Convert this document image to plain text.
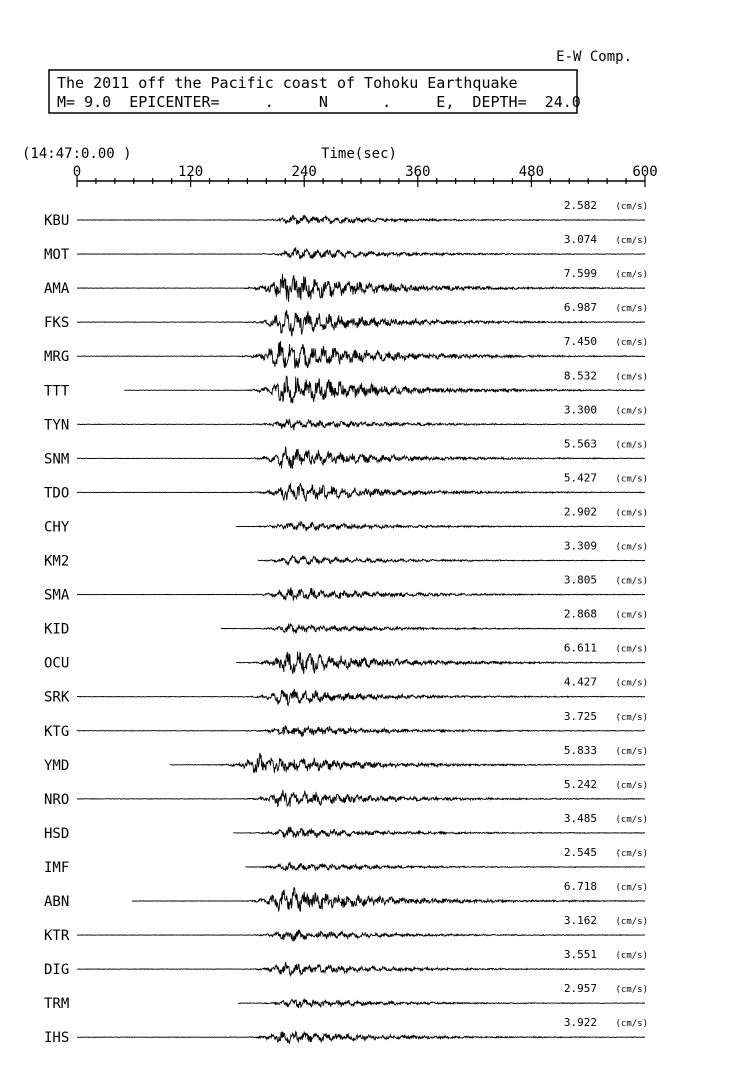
E-W Comp.
The 2011 off the Pacific coast of Tohoku Earthquake
M= 9.0  EPICENTER=     .     N      .     E,  DEPTH=  24.0
(14:47:0.00 )	Time(sec)
0	120	240	360	480	600
KBU
2.582 (cm/s)
MOT
3.074 (cm/s)
AMA
7.599 (cm/s)
FKS
6.987 (cm/s)
MRG
7.450 (cm/s)
TTT
8.532 (cm/s)
TYN
3.300 (cm/s)
SNM
5.563 (cm/s)
TDO
5.427 (cm/s)
CHY
2.902 (cm/s)
KM2
3.309 (cm/s)
SMA
3.805 (cm/s)
KID
2.868 (cm/s)
OCU
6.611 (cm/s)
SRK
4.427 (cm/s)
KTG
3.725 (cm/s)
YMD
5.833 (cm/s)
NRO
5.242 (cm/s)
HSD
3.485 (cm/s)
IMF
2.545 (cm/s)
ABN
6.718 (cm/s)
KTR
3.162 (cm/s)
DIG
3.551 (cm/s)
TRM
2.957 (cm/s)
IHS
3.922 (cm/s)
